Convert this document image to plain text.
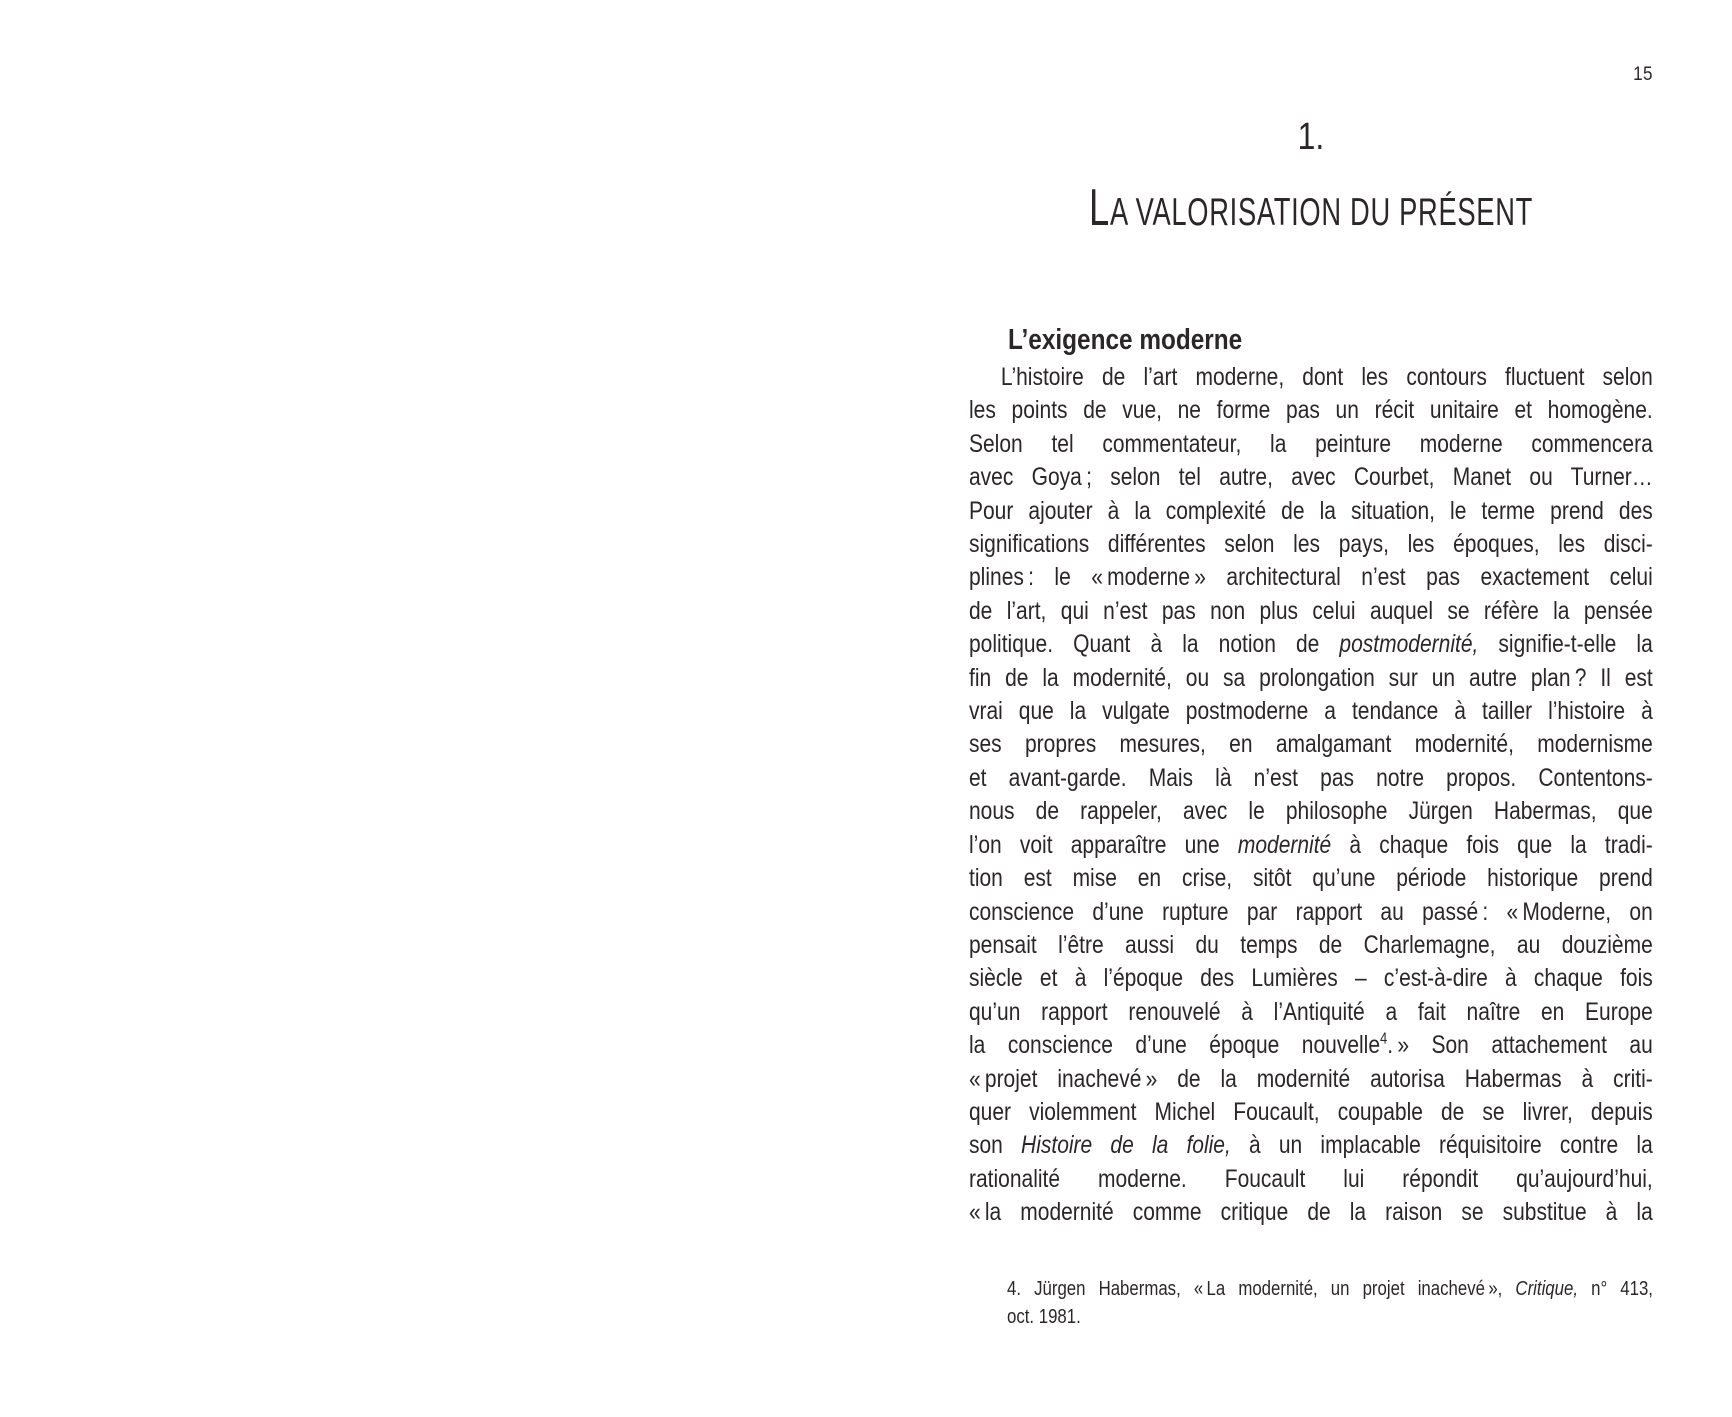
15
1.
LA VALORISATION DU PRÉSENT
L’exigence moderne
L’histoire de l’art moderne, dont les contours fluctuent selon
les points de vue, ne forme pas un récit unitaire et homogène.
Selon tel commentateur, la peinture moderne commencera
avec Goya ; selon tel autre, avec Courbet, Manet ou Turner…
Pour ajouter à la complexité de la situation, le terme prend des
significations différentes selon les pays, les époques, les disci-
plines : le « moderne » architectural n’est pas exactement celui
de l’art, qui n’est pas non plus celui auquel se réfère la pensée
politique. Quant à la notion de postmodernité, signifie-t-elle la
fin de la modernité, ou sa prolongation sur un autre plan ? Il est
vrai que la vulgate postmoderne a tendance à tailler l’histoire à
ses propres mesures, en amalgamant modernité, modernisme
et avant-garde. Mais là n’est pas notre propos. Contentons-
nous de rappeler, avec le philosophe Jürgen Habermas, que
l’on voit apparaître une modernité à chaque fois que la tradi-
tion est mise en crise, sitôt qu’une période historique prend
conscience d’une rupture par rapport au passé : « Moderne, on
pensait l’être aussi du temps de Charlemagne, au douzième
siècle et à l’époque des Lumières – c’est-à-dire à chaque fois
qu’un rapport renouvelé à l’Antiquité a fait naître en Europe
la conscience d’une époque nouvelle$^4$. » Son attachement au
« projet inachevé » de la modernité autorisa Habermas à criti-
quer violemment Michel Foucault, coupable de se livrer, depuis
son Histoire de la folie, à un implacable réquisitoire contre la
rationalité moderne. Foucault lui répondit qu’aujourd’hui,
« la modernité comme critique de la raison se substitue à la
4. Jürgen Habermas, « La modernité, un projet inachevé », Critique, n° 413,
oct. 1981.
